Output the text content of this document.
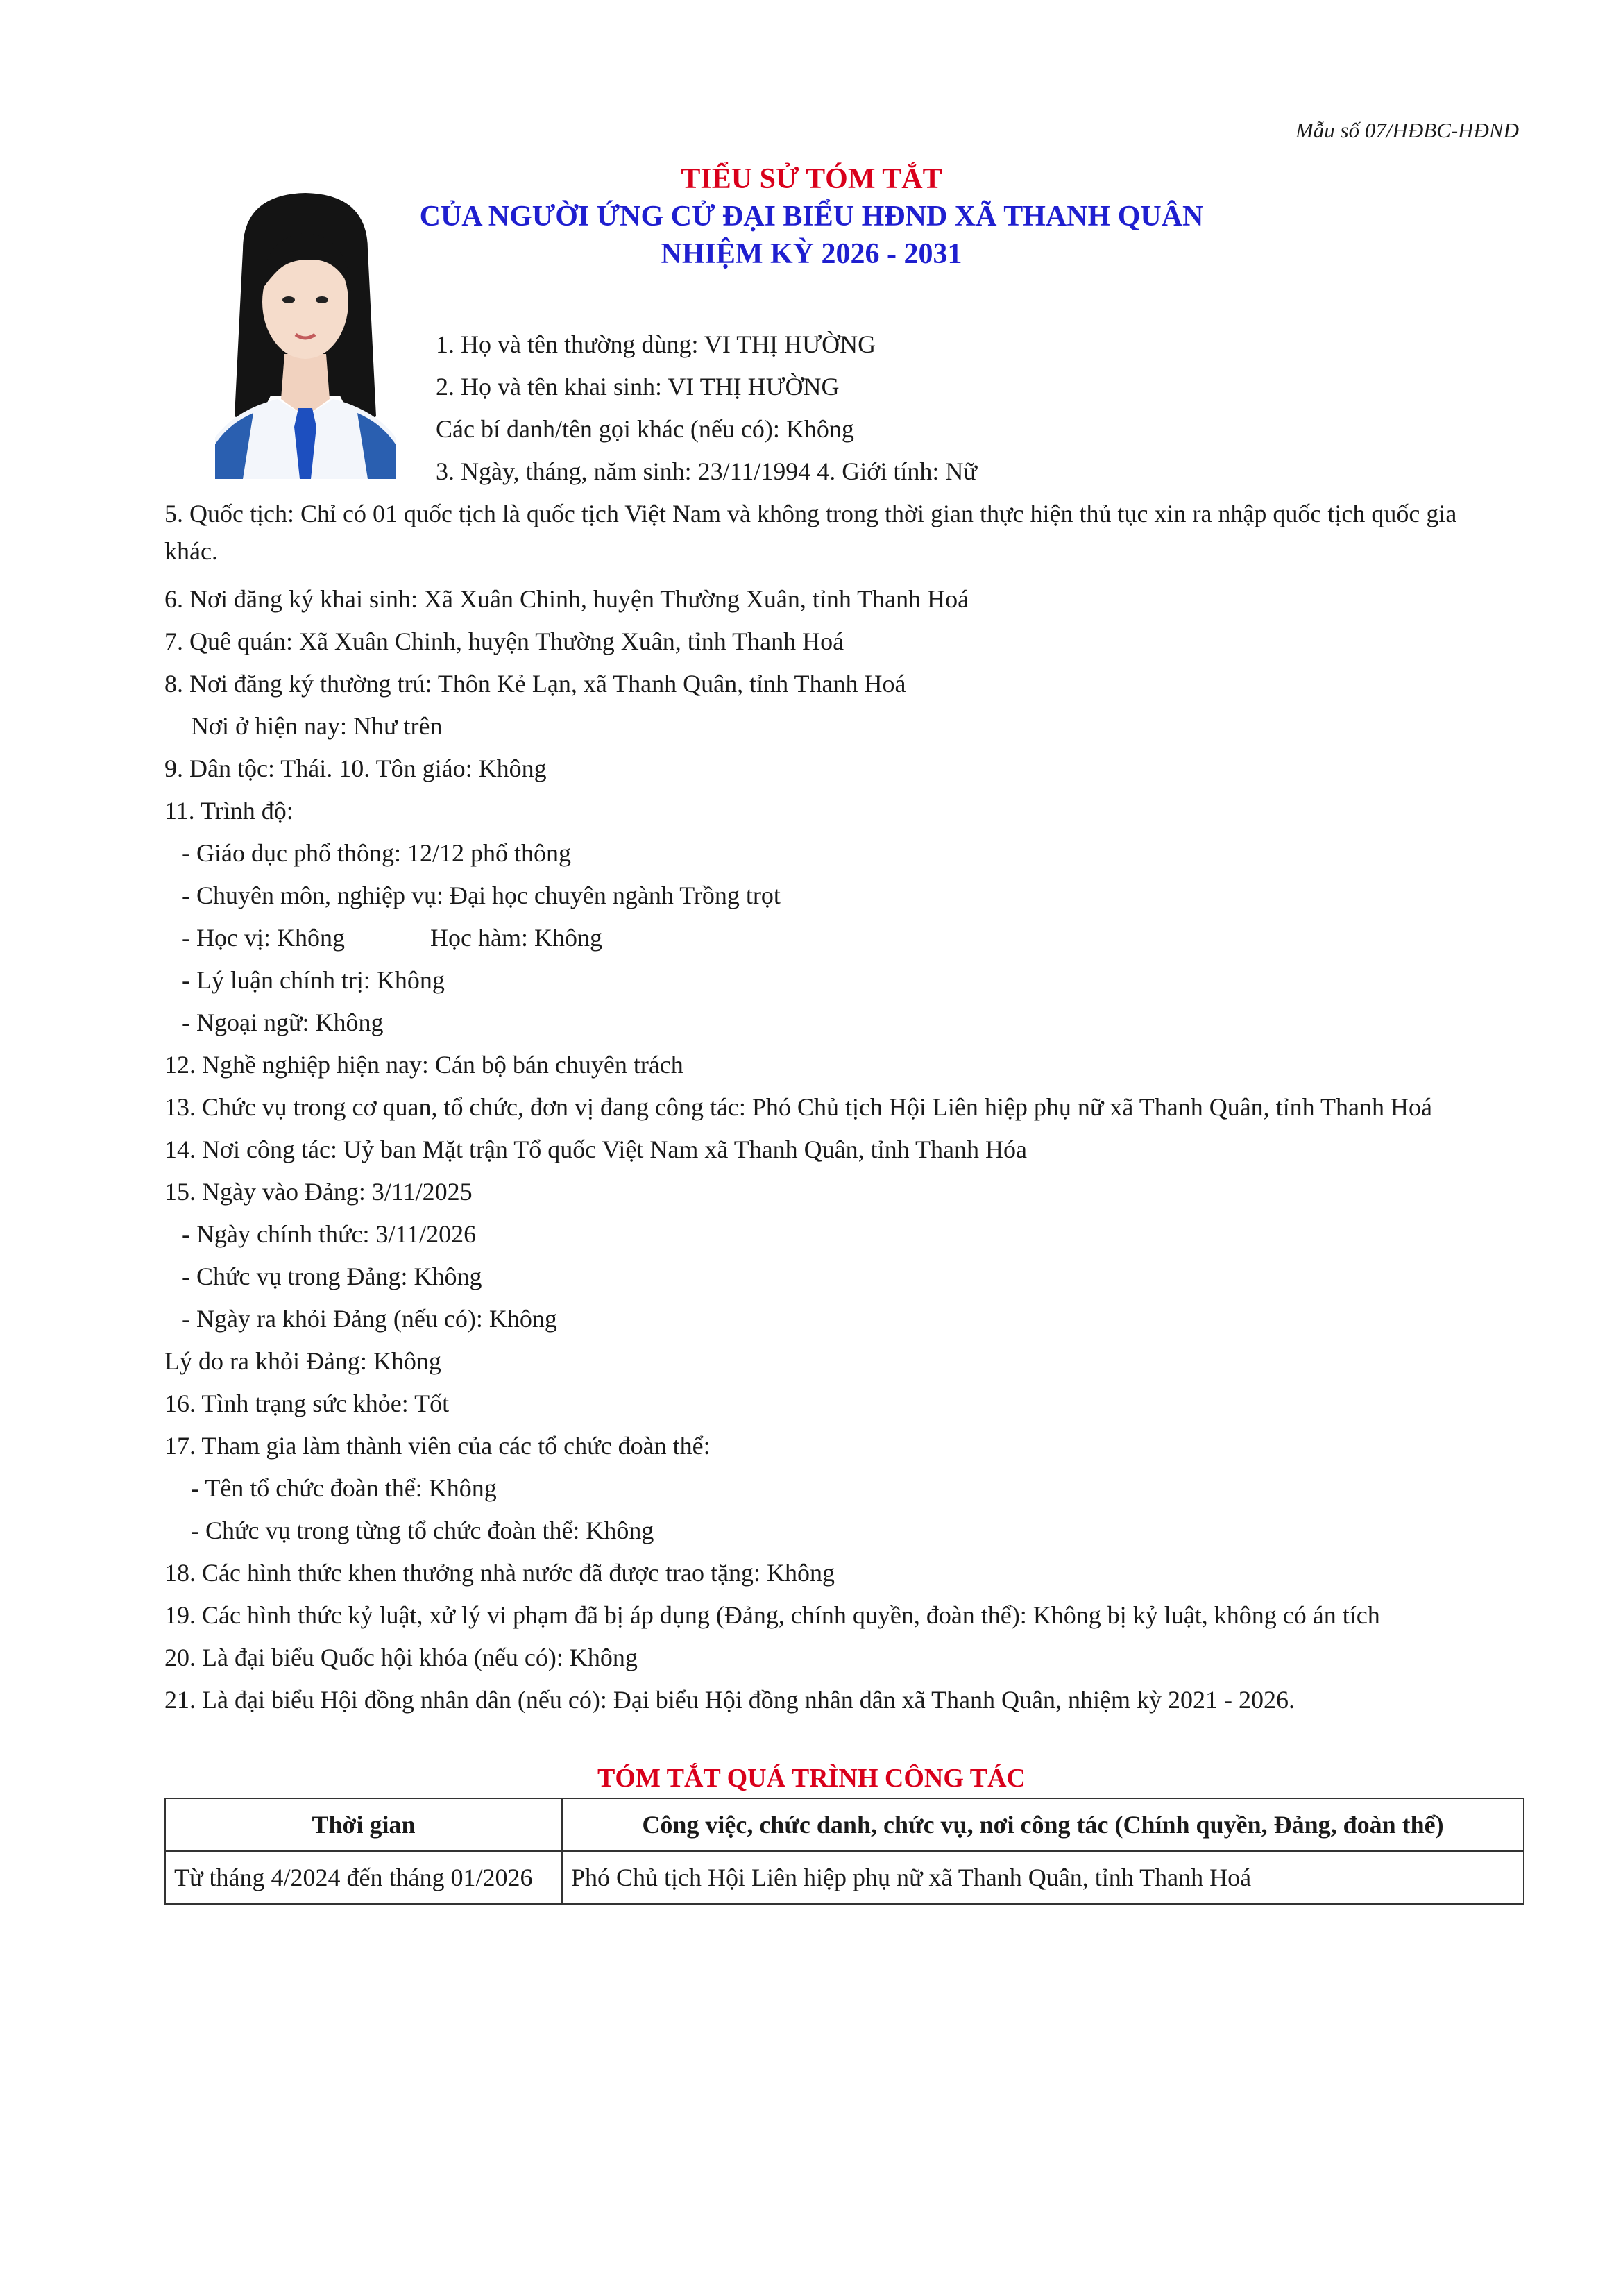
Mẫu số 07/HĐBC-HĐND
TIỂU SỬ TÓM TẮT
CỦA NGƯỜI ỨNG CỬ ĐẠI BIỂU HĐND XÃ THANH QUÂN
NHIỆM KỲ 2026 - 2031
1. Họ và tên thường dùng: VI THỊ HƯỜNG
2. Họ và tên khai sinh: VI THỊ HƯỜNG
Các bí danh/tên gọi khác (nếu có): Không
3. Ngày, tháng, năm sinh: 23/11/1994 4. Giới tính: Nữ
5. Quốc tịch: Chỉ có 01 quốc tịch là quốc tịch Việt Nam và không trong thời gian thực hiện thủ tục xin ra nhập quốc tịch quốc gia
khác.
6. Nơi đăng ký khai sinh: Xã Xuân Chinh, huyện Thường Xuân, tỉnh Thanh Hoá
7. Quê quán: Xã Xuân Chinh, huyện Thường Xuân, tỉnh Thanh Hoá
8. Nơi đăng ký thường trú: Thôn Kẻ Lạn, xã Thanh Quân, tỉnh Thanh Hoá
Nơi ở hiện nay: Như trên
9. Dân tộc: Thái. 10. Tôn giáo: Không
11. Trình độ:
- Giáo dục phổ thông: 12/12 phổ thông
- Chuyên môn, nghiệp vụ: Đại học chuyên ngành Trồng trọt
- Học vị: Không	Học hàm: Không
- Lý luận chính trị: Không
- Ngoại ngữ: Không
12. Nghề nghiệp hiện nay: Cán bộ bán chuyên trách
13. Chức vụ trong cơ quan, tổ chức, đơn vị đang công tác: Phó Chủ tịch Hội Liên hiệp phụ nữ xã Thanh Quân, tỉnh Thanh Hoá
14. Nơi công tác: Uỷ ban Mặt trận Tổ quốc Việt Nam xã Thanh Quân, tỉnh Thanh Hóa
15. Ngày vào Đảng: 3/11/2025
- Ngày chính thức: 3/11/2026
- Chức vụ trong Đảng: Không
- Ngày ra khỏi Đảng (nếu có): Không
Lý do ra khỏi Đảng: Không
16. Tình trạng sức khỏe: Tốt
17. Tham gia làm thành viên của các tổ chức đoàn thể:
- Tên tổ chức đoàn thể: Không
- Chức vụ trong từng tổ chức đoàn thể: Không
18. Các hình thức khen thưởng nhà nước đã được trao tặng: Không
19. Các hình thức kỷ luật, xử lý vi phạm đã bị áp dụng (Đảng, chính quyền, đoàn thể): Không bị kỷ luật, không có án tích
20. Là đại biểu Quốc hội khóa (nếu có): Không
21. Là đại biểu Hội đồng nhân dân (nếu có): Đại biểu Hội đồng nhân dân xã Thanh Quân, nhiệm kỳ 2021 - 2026.
TÓM TẮT QUÁ TRÌNH CÔNG TÁC
Thời gian	Công việc, chức danh, chức vụ, nơi công tác (Chính quyền, Đảng, đoàn thể)
Từ tháng 4/2024 đến tháng 01/2026	Phó Chủ tịch Hội Liên hiệp phụ nữ xã Thanh Quân, tỉnh Thanh Hoá
